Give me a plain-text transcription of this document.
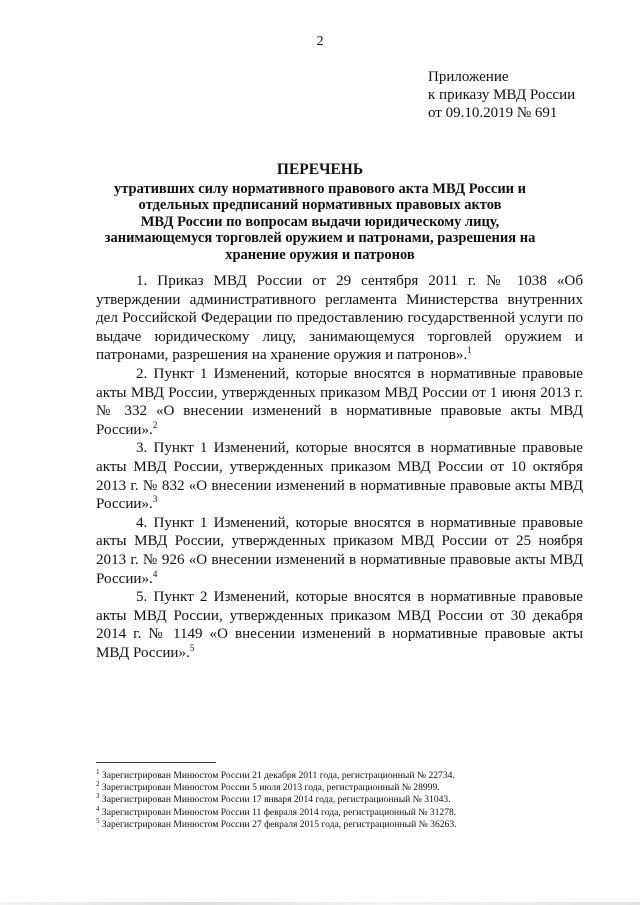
2
Приложение
к приказу МВД России
от 09.10.2019 № 691
ПЕРЕЧЕНЬ
утративших силу нормативного правового акта МВД России и
отдельных предписаний нормативных правовых актов
МВД России по вопросам выдачи юридическому лицу,
занимающемуся торговлей оружием и патронами, разрешения на
хранение оружия и патронов

1. Приказ МВД России от 29 сентября 2011 г. № 1038 «Об утверждении административного регламента Министерства внутренних дел Российской Федерации по предоставлению государственной услуги по выдаче юридическому лицу, занимающемуся торговлей оружием и патронами, разрешения на хранение оружия и патронов».$^1$

2. Пункт 1 Изменений, которые вносятся в нормативные правовые акты МВД России, утвержденных приказом МВД России от 1 июня 2013 г. № 332 «О внесении изменений в нормативные правовые акты МВД России».$^2$

3. Пункт 1 Изменений, которые вносятся в нормативные правовые акты МВД России, утвержденных приказом МВД России от 10 октября 2013 г. № 832 «О внесении изменений в нормативные правовые акты МВД России».$^3$

4. Пункт 1 Изменений, которые вносятся в нормативные правовые акты МВД России, утвержденных приказом МВД России от 25 ноября 2013 г. № 926 «О внесении изменений в нормативные правовые акты МВД России».$^4$

5. Пункт 2 Изменений, которые вносятся в нормативные правовые акты МВД России, утвержденных приказом МВД России от 30 декабря 2014 г. № 1149 «О внесении изменений в нормативные правовые акты МВД России».$^5$

$^1$ Зарегистрирован Минюстом России 21 декабря 2011 года, регистрационный № 22734.
$^2$ Зарегистрирован Минюстом России 5 июля 2013 года, регистрационный № 28999.
$^3$ Зарегистрирован Минюстом России 17 января 2014 года, регистрационный № 31043.
$^4$ Зарегистрирован Минюстом России 11 февраля 2014 года, регистрационный № 31278.
$^5$ Зарегистрирован Минюстом России 27 февраля 2015 года, регистрационный № 36263.
